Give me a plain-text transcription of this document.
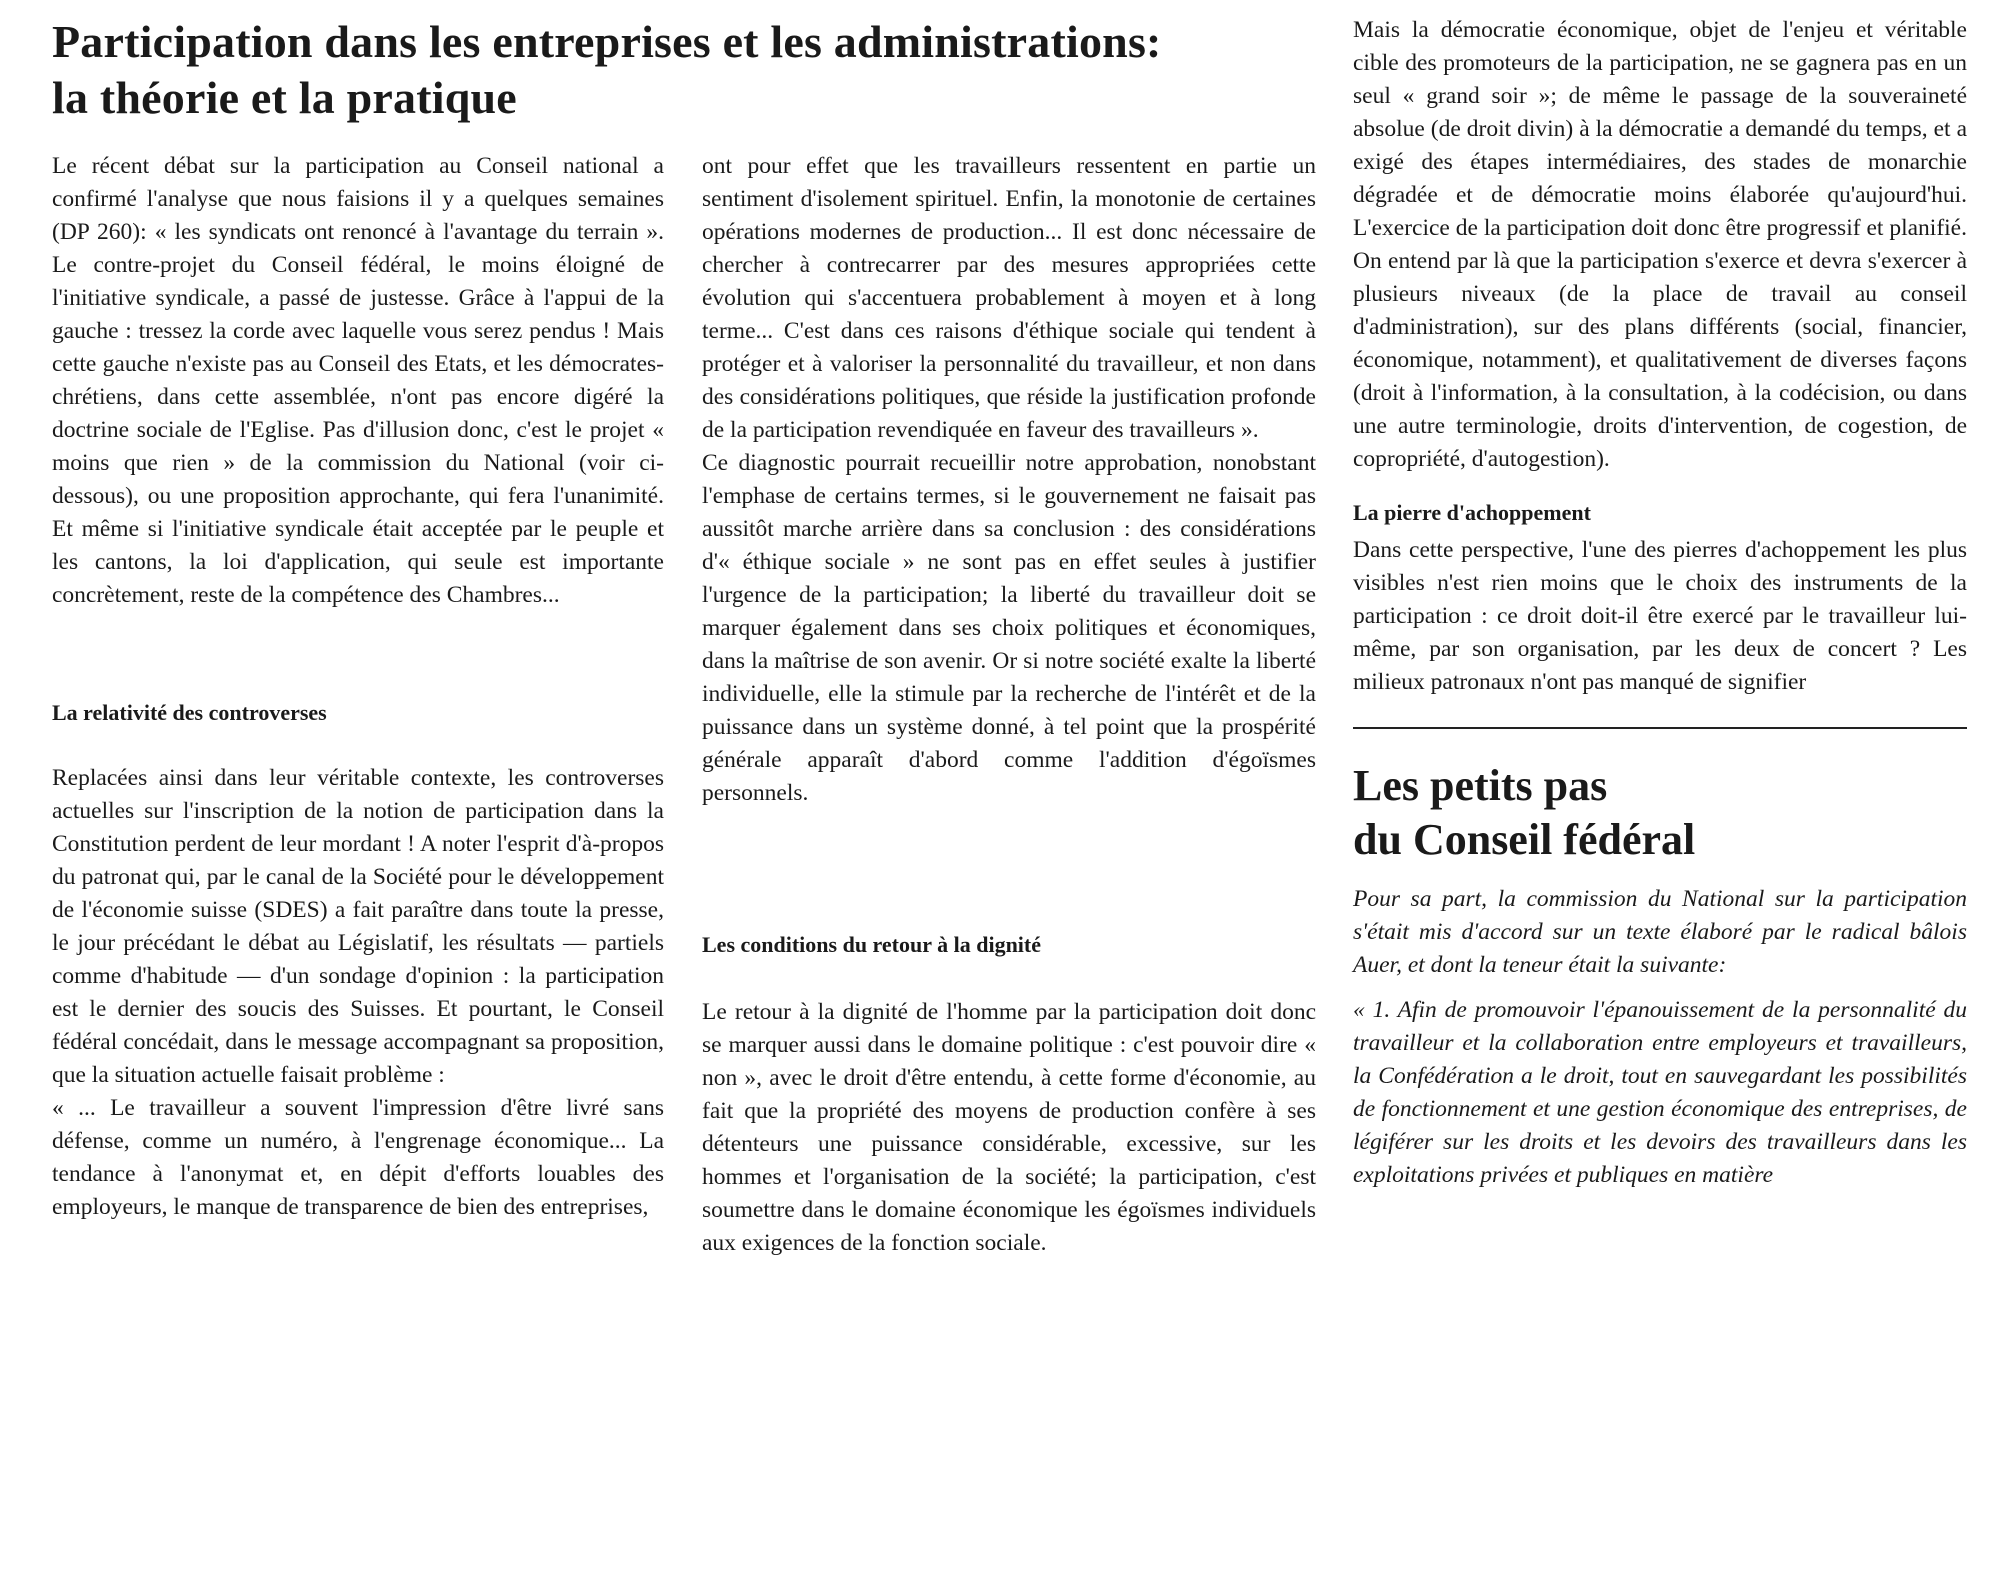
Participation dans les entreprises et les administrations:
la théorie et la pratique

Le récent débat sur la participation au Conseil national a confirmé l'analyse que nous faisions il y a quelques semaines (DP 260): « les syndicats ont renoncé à l'avantage du terrain ». Le contre-projet du Conseil fédéral, le moins éloigné de l'initiative syndicale, a passé de justesse. Grâce à l'appui de la gauche : tressez la corde avec laquelle vous serez pendus ! Mais cette gauche n'existe pas au Conseil des Etats, et les démocrates-chrétiens, dans cette assemblée, n'ont pas encore digéré la doctrine sociale de l'Eglise. Pas d'illusion donc, c'est le projet « moins que rien » de la commission du National (voir ci-dessous), ou une proposition approchante, qui fera l'unanimité. Et même si l'initiative syndicale était acceptée par le peuple et les cantons, la loi d'application, qui seule est importante concrètement, reste de la compétence des Chambres...

La relativité des controverses

Replacées ainsi dans leur véritable contexte, les controverses actuelles sur l'inscription de la notion de participation dans la Constitution perdent de leur mordant ! A noter l'esprit d'à-propos du patronat qui, par le canal de la Société pour le développement de l'économie suisse (SDES) a fait paraître dans toute la presse, le jour précédant le débat au Législatif, les résultats — partiels comme d'habitude — d'un sondage d'opinion : la participation est le dernier des soucis des Suisses. Et pourtant, le Conseil fédéral concédait, dans le message accompagnant sa proposition, que la situation actuelle faisait problème :

« ... Le travailleur a souvent l'impression d'être livré sans défense, comme un numéro, à l'engrenage économique... La tendance à l'anonymat et, en dépit d'efforts louables des employeurs, le manque de transparence de bien des entreprises,

ont pour effet que les travailleurs ressentent en partie un sentiment d'isolement spirituel. Enfin, la monotonie de certaines opérations modernes de production... Il est donc nécessaire de chercher à contrecarrer par des mesures appropriées cette évolution qui s'accentuera probablement à moyen et à long terme... C'est dans ces raisons d'éthique sociale qui tendent à protéger et à valoriser la personnalité du travailleur, et non dans des considérations politiques, que réside la justification profonde de la participation revendiquée en faveur des travailleurs ».

Ce diagnostic pourrait recueillir notre approbation, nonobstant l'emphase de certains termes, si le gouvernement ne faisait pas aussitôt marche arrière dans sa conclusion : des considérations d'« éthique sociale » ne sont pas en effet seules à justifier l'urgence de la participation; la liberté du travailleur doit se marquer également dans ses choix politiques et économiques, dans la maîtrise de son avenir. Or si notre société exalte la liberté individuelle, elle la stimule par la recherche de l'intérêt et de la puissance dans un système donné, à tel point que la prospérité générale apparaît d'abord comme l'addition d'égoïsmes personnels.

Les conditions du retour à la dignité

Le retour à la dignité de l'homme par la participation doit donc se marquer aussi dans le domaine politique : c'est pouvoir dire « non », avec le droit d'être entendu, à cette forme d'économie, au fait que la propriété des moyens de production confère à ses détenteurs une puissance considérable, excessive, sur les hommes et l'organisation de la société; la participation, c'est soumettre dans le domaine économique les égoïsmes individuels aux exigences de la fonction sociale.

Mais la démocratie économique, objet de l'enjeu et véritable cible des promoteurs de la participation, ne se gagnera pas en un seul « grand soir »; de même le passage de la souveraineté absolue (de droit divin) à la démocratie a demandé du temps, et a exigé des étapes intermédiaires, des stades de monarchie dégradée et de démocratie moins élaborée qu'aujourd'hui. L'exercice de la participation doit donc être progressif et planifié. On entend par là que la participation s'exerce et devra s'exercer à plusieurs niveaux (de la place de travail au conseil d'administration), sur des plans différents (social, financier, économique, notamment), et qualitativement de diverses façons (droit à l'information, à la consultation, à la codécision, ou dans une autre terminologie, droits d'intervention, de cogestion, de copropriété, d'autogestion).

La pierre d'achoppement

Dans cette perspective, l'une des pierres d'achoppement les plus visibles n'est rien moins que le choix des instruments de la participation : ce droit doit-il être exercé par le travailleur lui-même, par son organisation, par les deux de concert ? Les milieux patronaux n'ont pas manqué de signifier

Les petits pas
du Conseil fédéral

Pour sa part, la commission du National sur la participation s'était mis d'accord sur un texte élaboré par le radical bâlois Auer, et dont la teneur était la suivante:

« 1. Afin de promouvoir l'épanouissement de la personnalité du travailleur et la collaboration entre employeurs et travailleurs, la Confédération a le droit, tout en sauvegardant les possibilités de fonctionnement et une gestion économique des entreprises, de légiférer sur les droits et les devoirs des travailleurs dans les exploitations privées et publiques en matière
